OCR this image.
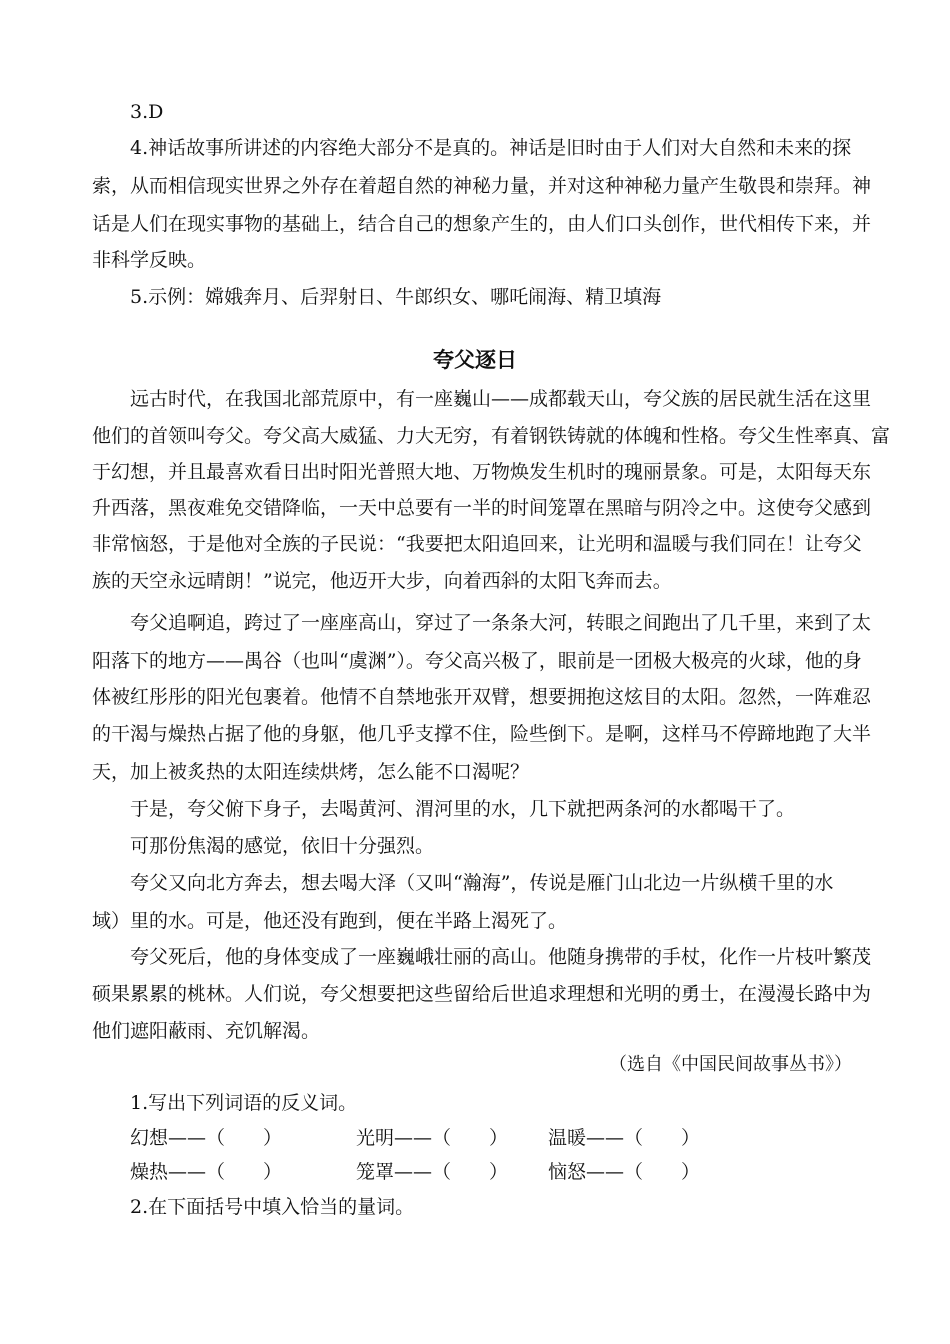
3.D
4.神话故事所讲述的内容绝大部分不是真的。神话是旧时由于人们对大自然和未来的探
索，从而相信现实世界之外存在着超自然的神秘力量，并对这种神秘力量产生敬畏和崇拜。神
话是人们在现实事物的基础上，结合自己的想象产生的，由人们口头创作，世代相传下来，并
非科学反映。
5.示例：嫦娥奔月、后羿射日、牛郎织女、哪吒闹海、精卫填海
夸父逐日
远古时代，在我国北部荒原中，有一座巍山——成都载天山，夸父族的居民就生活在这里
他们的首领叫夸父。夸父高大威猛、力大无穷，有着钢铁铸就的体魄和性格。夸父生性率真、富
于幻想，并且最喜欢看日出时阳光普照大地、万物焕发生机时的瑰丽景象。可是，太阳每天东
升西落，黑夜难免交错降临，一天中总要有一半的时间笼罩在黑暗与阴冷之中。这使夸父感到
非常恼怒，于是他对全族的子民说：“我要把太阳追回来，让光明和温暖与我们同在！让夸父
族的天空永远晴朗！”说完，他迈开大步，向着西斜的太阳飞奔而去。
夸父追啊追，跨过了一座座高山，穿过了一条条大河，转眼之间跑出了几千里，来到了太
阳落下的地方——禺谷（也叫“虞渊”）。夸父高兴极了，眼前是一团极大极亮的火球，他的身
体被红彤彤的阳光包裹着。他情不自禁地张开双臂，想要拥抱这炫目的太阳。忽然，一阵难忍
的干渴与燥热占据了他的身躯，他几乎支撑不住，险些倒下。是啊，这样马不停蹄地跑了大半
天，加上被炙热的太阳连续烘烤，怎么能不口渴呢？
于是，夸父俯下身子，去喝黄河、渭河里的水，几下就把两条河的水都喝干了。
可那份焦渴的感觉，依旧十分强烈。
夸父又向北方奔去，想去喝大泽（又叫“瀚海”，传说是雁门山北边一片纵横千里的水
域）里的水。可是，他还没有跑到，便在半路上渴死了。
夸父死后，他的身体变成了一座巍峨壮丽的高山。他随身携带的手杖，化作一片枝叶繁茂
硕果累累的桃林。人们说，夸父想要把这些留给后世追求理想和光明的勇士，在漫漫长路中为
他们遮阳蔽雨、充饥解渴。
（选自《中国民间故事丛书》）
1.写出下列词语的反义词。
幻想——（　　）	光明——（　　） 温暖——（　　）
燥热——（　　）	笼罩——（　　） 恼怒——（　　）
2.在下面括号中填入恰当的量词。
